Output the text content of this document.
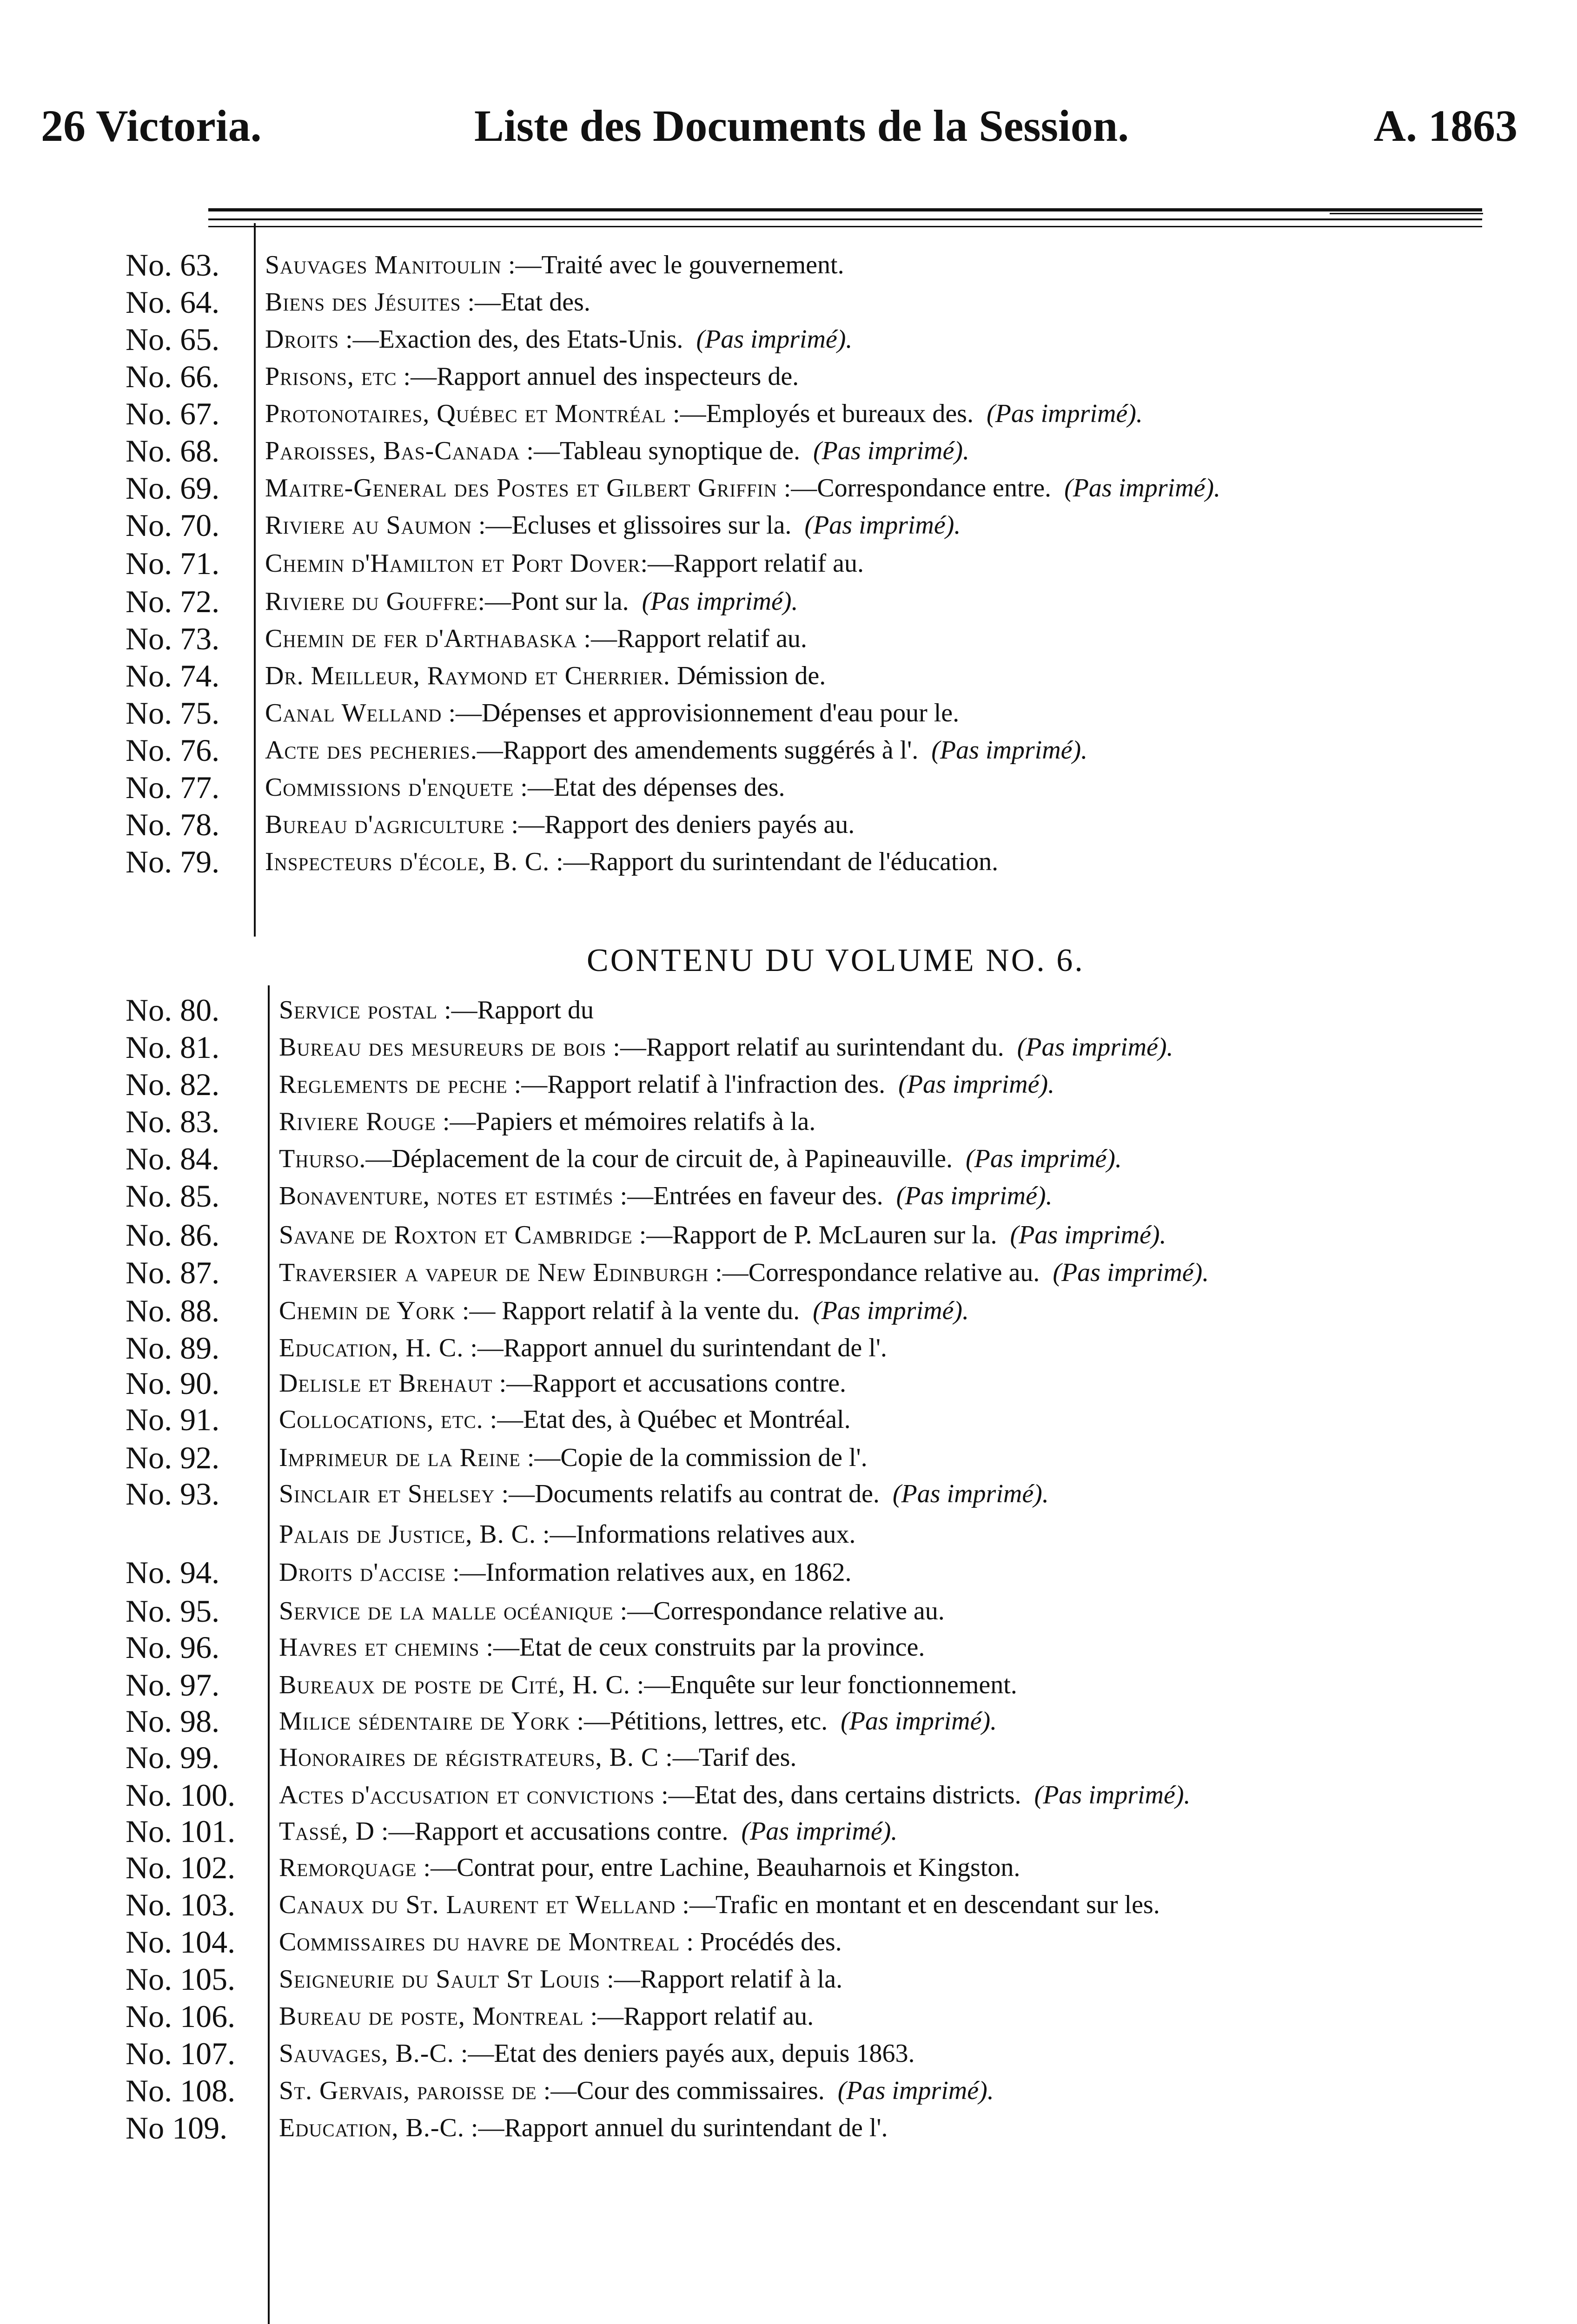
26 Victoria.	Liste des Documents de la Session.	A. 1863
CONTENU DU VOLUME NO. 6.
No. 63.	Sauvages Manitoulin :—Traité avec le gouvernement.
No. 64.	Biens des Jésuites :—Etat des.
No. 65.	Droits :—Exaction des, des Etats-Unis. (Pas imprimé).
No. 66.	Prisons, etc :—Rapport annuel des inspecteurs de.
No. 67.	Protonotaires, Québec et Montréal :—Employés et bureaux des. (Pas imprimé).
No. 68.	Paroisses, Bas-Canada :—Tableau synoptique de. (Pas imprimé).
No. 69.	Maitre-General des Postes et Gilbert Griffin :—Correspondance entre. (Pas imprimé).
No. 70.	Riviere au Saumon :—Ecluses et glissoires sur la. (Pas imprimé).
No. 71.	Chemin d'Hamilton et Port Dover:—Rapport relatif au.
No. 72.	Riviere du Gouffre:—Pont sur la. (Pas imprimé).
No. 73.	Chemin de fer d'Arthabaska :—Rapport relatif au.
No. 74.	Dr. Meilleur, Raymond et Cherrier. Démission de.
No. 75.	Canal Welland :—Dépenses et approvisionnement d'eau pour le.
No. 76.	Acte des pecheries.—Rapport des amendements suggérés à l'. (Pas imprimé).
No. 77.	Commissions d'enquete :—Etat des dépenses des.
No. 78.	Bureau d'agriculture :—Rapport des deniers payés au.
No. 79.	Inspecteurs d'école, B. C. :—Rapport du surintendant de l'éducation.
No. 80.	Service postal :—Rapport du
No. 81.	Bureau des mesureurs de bois :—Rapport relatif au surintendant du. (Pas imprimé).
No. 82.	Reglements de peche :—Rapport relatif à l'infraction des. (Pas imprimé).
No. 83.	Riviere Rouge :—Papiers et mémoires relatifs à la.
No. 84.	Thurso.—Déplacement de la cour de circuit de, à Papineauville. (Pas imprimé).
No. 85.	Bonaventure, notes et estimés :—Entrées en faveur des. (Pas imprimé).
No. 86.	Savane de Roxton et Cambridge :—Rapport de P. McLauren sur la. (Pas imprimé).
No. 87.	Traversier a vapeur de New Edinburgh :—Correspondance relative au. (Pas imprimé).
No. 88.	Chemin de York :— Rapport relatif à la vente du. (Pas imprimé).
No. 89.	Education, H. C. :—Rapport annuel du surintendant de l'.
No. 90.	Delisle et Brehaut :—Rapport et accusations contre.
No. 91.	Collocations, etc. :—Etat des, à Québec et Montréal.
No. 92.	Imprimeur de la Reine :—Copie de la commission de l'.
No. 93.	Sinclair et Shelsey :—Documents relatifs au contrat de. (Pas imprimé).
Palais de Justice, B. C. :—Informations relatives aux.
No. 94.	Droits d'accise :—Information relatives aux, en 1862.
No. 95.	Service de la malle océanique :—Correspondance relative au.
No. 96.	Havres et chemins :—Etat de ceux construits par la province.
No. 97.	Bureaux de poste de Cité, H. C. :—Enquête sur leur fonctionnement.
No. 98.	Milice sédentaire de York :—Pétitions, lettres, etc. (Pas imprimé).
No. 99.	Honoraires de régistrateurs, B. C :—Tarif des.
No. 100.	Actes d'accusation et convictions :—Etat des, dans certains districts. (Pas imprimé).
No. 101.	Tassé, D :—Rapport et accusations contre. (Pas imprimé).
No. 102.	Remorquage :—Contrat pour, entre Lachine, Beauharnois et Kingston.
No. 103.	Canaux du St. Laurent et Welland :—Trafic en montant et en descendant sur les.
No. 104.	Commissaires du havre de Montreal : Procédés des.
No. 105.	Seigneurie du Sault St Louis :—Rapport relatif à la.
No. 106.	Bureau de poste, Montreal :—Rapport relatif au.
No. 107.	Sauvages, B.-C. :—Etat des deniers payés aux, depuis 1863.
No. 108.	St. Gervais, paroisse de :—Cour des commissaires. (Pas imprimé).
No 109.	Education, B.-C. :—Rapport annuel du surintendant de l'.
